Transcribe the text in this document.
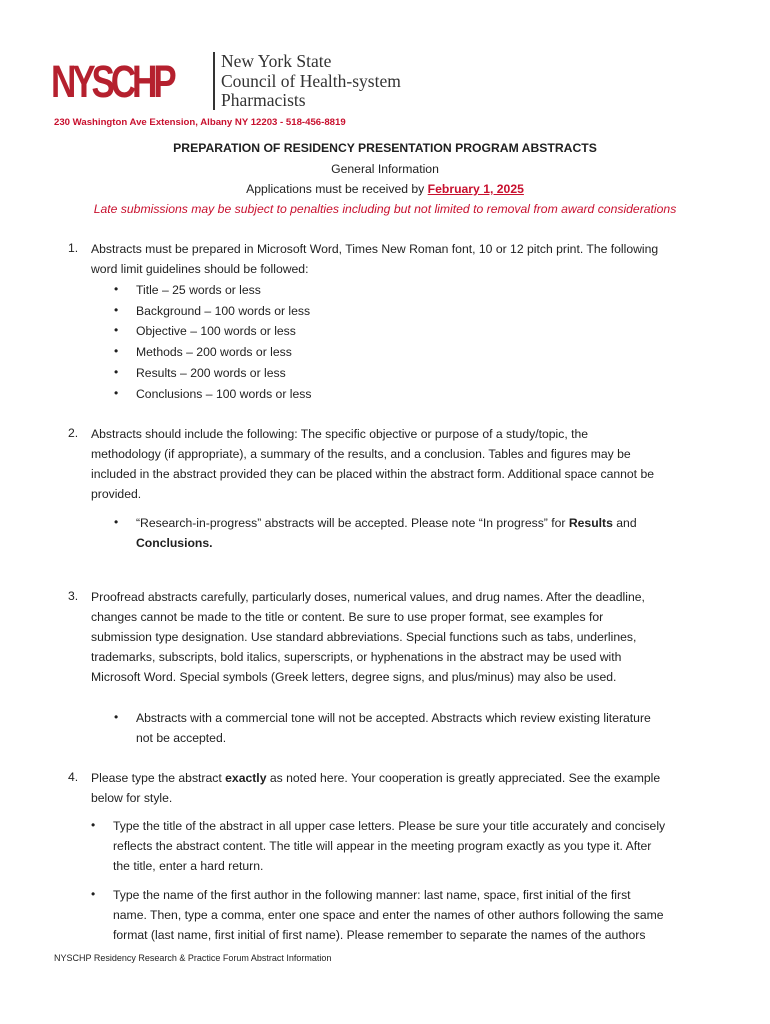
NYSCHP	New York State
Council of Health-system
Pharmacists
230 Washington Ave Extension, Albany NY 12203 - 518-456-8819
PREPARATION OF RESIDENCY PRESENTATION PROGRAM ABSTRACTS
General Information
Applications must be received by February 1, 2025
Late submissions may be subject to penalties including but not limited to removal from award considerations
1. Abstracts must be prepared in Microsoft Word, Times New Roman font, 10 or 12 pitch print. The following
word limit guidelines should be followed:
• Title – 25 words or less
• Background – 100 words or less
• Objective – 100 words or less
• Methods – 200 words or less
• Results – 200 words or less
• Conclusions – 100 words or less
2. Abstracts should include the following: The specific objective or purpose of a study/topic, the
methodology (if appropriate), a summary of the results, and a conclusion. Tables and figures may be
included in the abstract provided they can be placed within the abstract form. Additional space cannot be
provided.
• “Research-in-progress” abstracts will be accepted. Please note “In progress” for Results and
Conclusions.
3. Proofread abstracts carefully, particularly doses, numerical values, and drug names. After the deadline,
changes cannot be made to the title or content. Be sure to use proper format, see examples for
submission type designation. Use standard abbreviations. Special functions such as tabs, underlines,
trademarks, subscripts, bold italics, superscripts, or hyphenations in the abstract may be used with
Microsoft Word. Special symbols (Greek letters, degree signs, and plus/minus) may also be used.
• Abstracts with a commercial tone will not be accepted. Abstracts which review existing literature
not be accepted.
4. Please type the abstract exactly as noted here. Your cooperation is greatly appreciated. See the example
below for style.
• Type the title of the abstract in all upper case letters. Please be sure your title accurately and concisely
reflects the abstract content. The title will appear in the meeting program exactly as you type it. After
the title, enter a hard return.
• Type the name of the first author in the following manner: last name, space, first initial of the first
name. Then, type a comma, enter one space and enter the names of other authors following the same
format (last name, first initial of first name). Please remember to separate the names of the authors
NYSCHP Residency Research & Practice Forum Abstract Information
